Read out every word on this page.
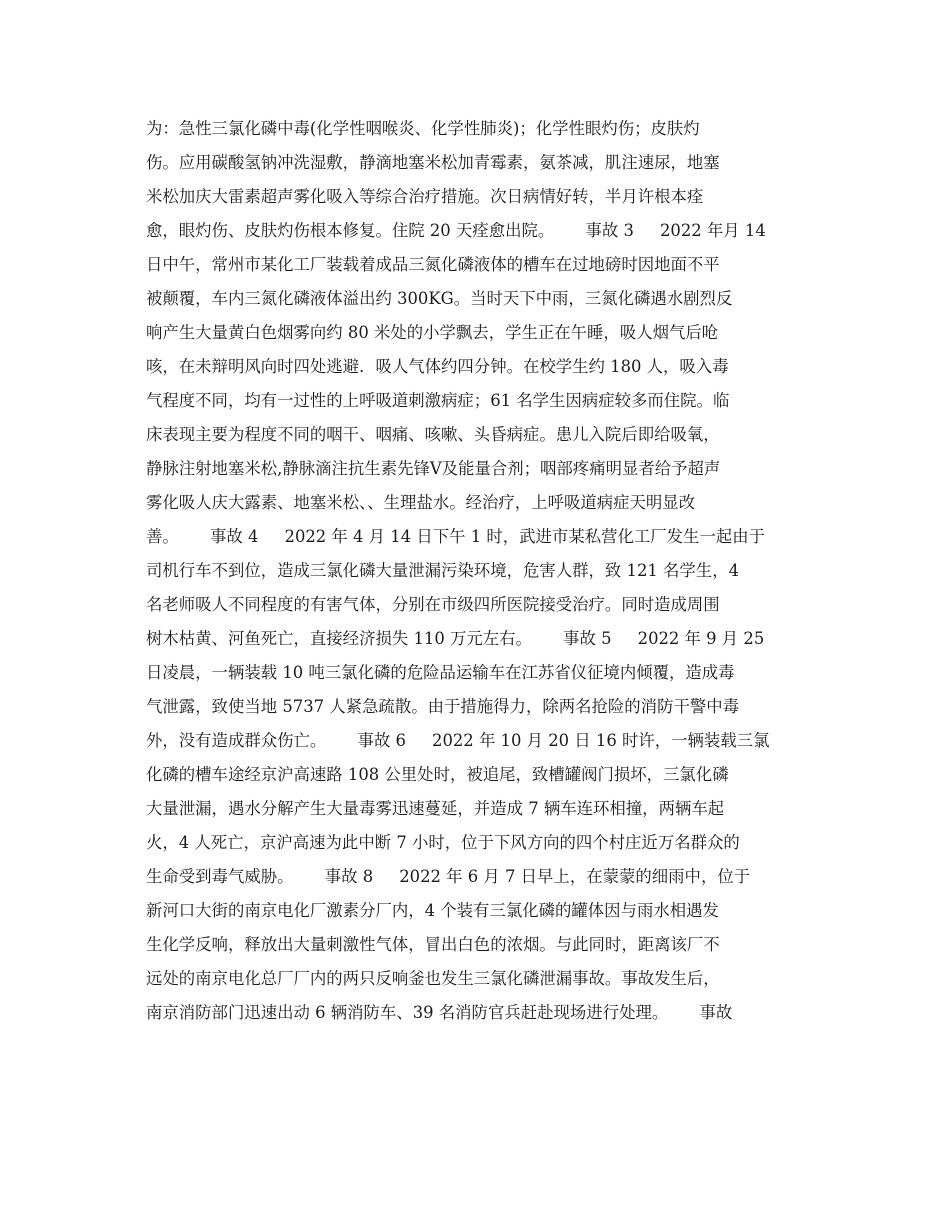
为：急性三氯化磷中毒(化学性咽喉炎、化学性肺炎)；化学性眼灼伤；皮肤灼
伤。应用碳酸氢钠冲洗湿敷，静滴地塞米松加青霉素，氨茶减，肌注速尿，地塞
米松加庆大雷素超声雾化吸入等综合治疗措施。次日病情好转，半月许根本痊
愈，眼灼伤、皮肤灼伤根本修复。住院 20 天痊愈出院。      事故 3     2022 年月 14
日中午，常州市某化工厂装载着成品三氮化磷液体的槽车在过地磅时因地面不平
被颠覆，车内三氮化磷液体溢出约 300KG。当时天下中雨，三氮化磷遇水剧烈反
响产生大量黄白色烟雾向约 80 米处的小学飘去，学生正在午睡，吸人烟气后呛
咳，在未辩明风向时四处逃避．吸人气体约四分钟。在校学生约 180 人，吸入毒
气程度不同，均有一过性的上呼吸道刺激病症；61 名学生因病症较多而住院。临
床表现主要为程度不同的咽干、咽痛、咳嗽、头昏病症。患儿入院后即给吸氧，
静脉注射地塞米松,静脉滴注抗生素先锋Ⅴ及能量合剂；咽部疼痛明显者给予超声
雾化吸人庆大露素、地塞米松、、生理盐水。经治疗，上呼吸道病症天明显改
善。      事故 4     2022 年 4 月 14 日下午 1 时，武进市某私营化工厂发生一起由于
司机行车不到位，造成三氯化磷大量泄漏污染环境，危害人群，致 121 名学生，4
名老师吸人不同程度的有害气体，分别在市级四所医院接受治疗。同时造成周围
树木枯黄、河鱼死亡，直接经济损失 110 万元左右。      事故 5     2022 年 9 月 25
日凌晨，一辆装载 10 吨三氯化磷的危险品运输车在江苏省仪征境内倾覆，造成毒
气泄露，致使当地 5737 人紧急疏散。由于措施得力，除两名抢险的消防干警中毒
外，没有造成群众伤亡。      事故 6     2022 年 10 月 20 日 16 时许，一辆装载三氯
化磷的槽车途经京沪高速路 108 公里处时，被追尾，致槽罐阀门损坏，三氯化磷
大量泄漏，遇水分解产生大量毒雾迅速蔓延，并造成 7 辆车连环相撞，两辆车起
火，4 人死亡，京沪高速为此中断 7 小时，位于下风方向的四个村庄近万名群众的
生命受到毒气威胁。      事故 8     2022 年 6 月 7 日早上，在蒙蒙的细雨中，位于
新河口大街的南京电化厂激素分厂内，4 个装有三氯化磷的罐体因与雨水相遇发
生化学反响，释放出大量刺激性气体，冒出白色的浓烟。与此同时，距离该厂不
远处的南京电化总厂厂内的两只反响釜也发生三氯化磷泄漏事故。事故发生后，
南京消防部门迅速出动 6 辆消防车、39 名消防官兵赶赴现场进行处理。      事故
